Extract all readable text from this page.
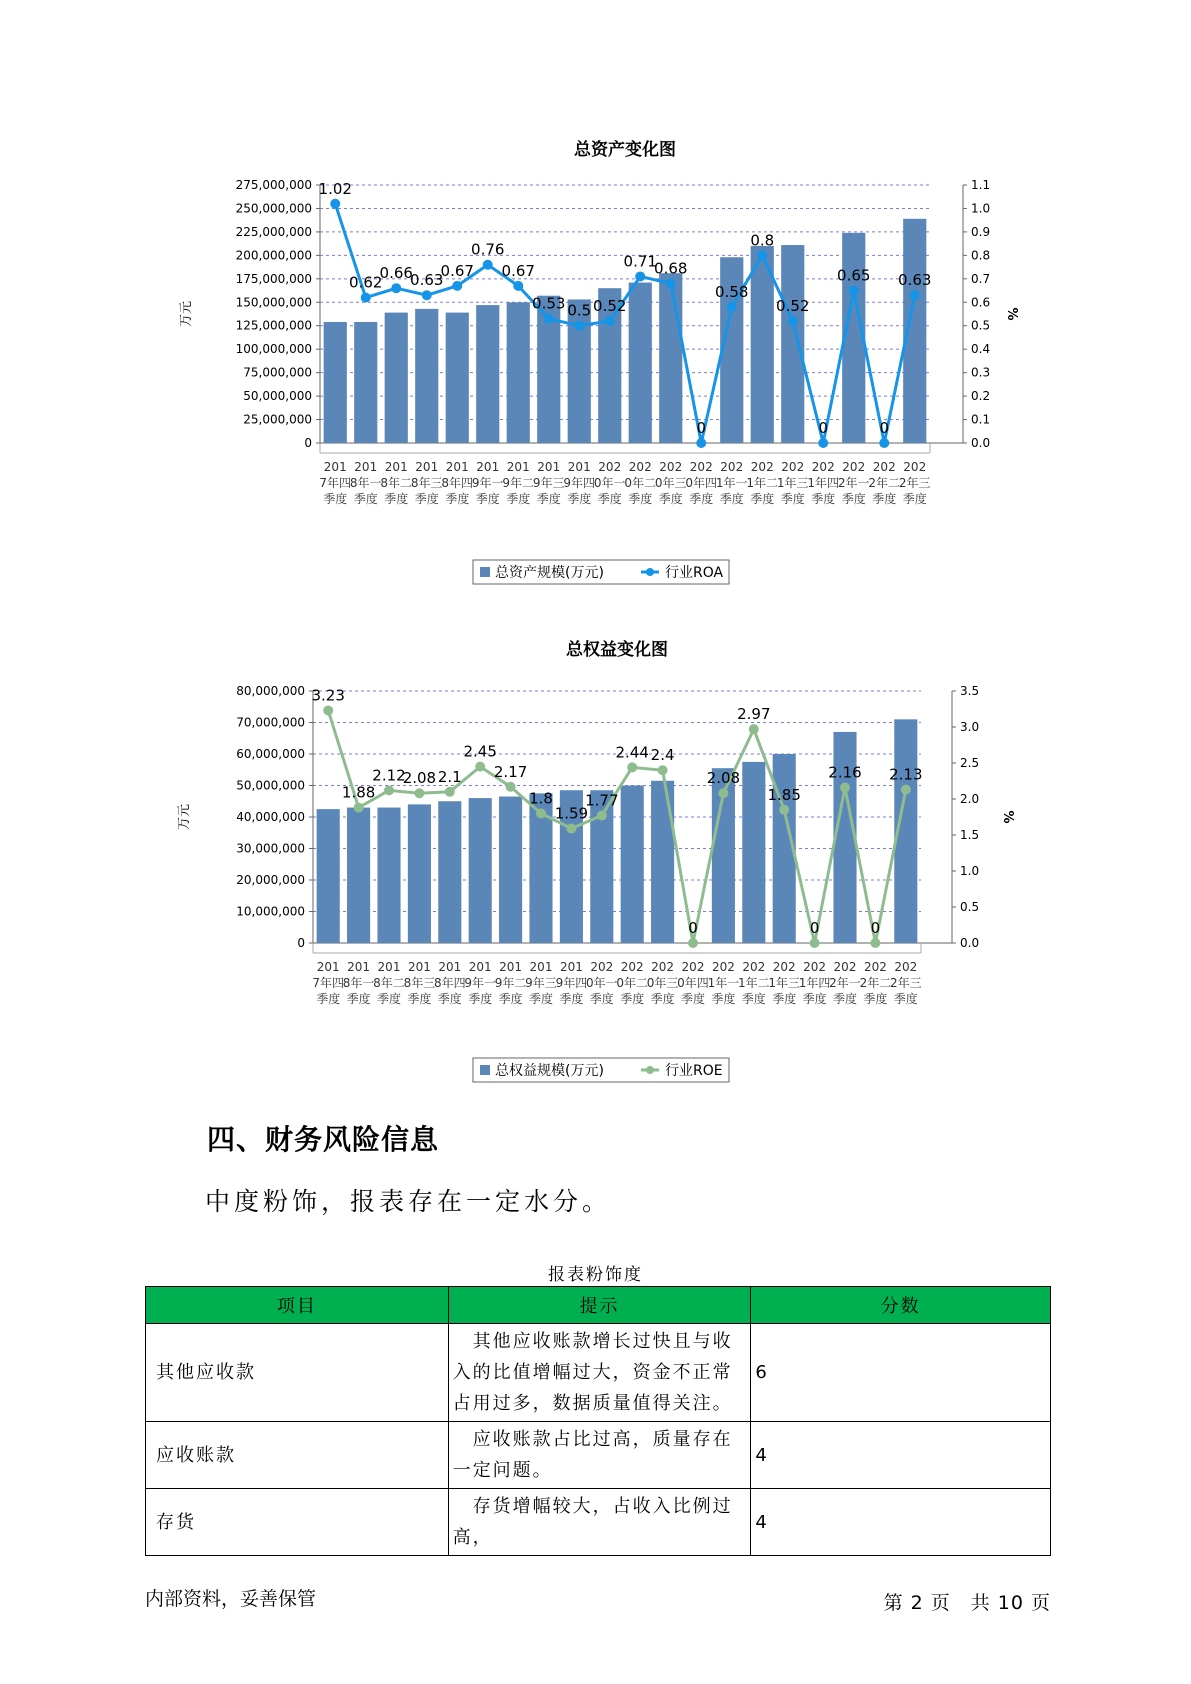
总资产变化图
0
25,000,000
50,000,000
75,000,000
100,000,000
125,000,000
150,000,000
175,000,000
200,000,000
225,000,000
250,000,000
275,000,000
0.0
0.1
0.2
0.3
0.4
0.5
0.6
0.7
0.8
0.9
1.0
1.1
万元	%
201 7年四季度
201 8年一季度
201 8年二季度
201 8年三季度
201 8年四季度
201 9年一季度
201 9年二季度
201 9年三季度
201 9年四季度
202 0年一季度
202 0年二季度
202 0年三季度
202 0年四季度
202 1年一季度
202 1年二季度
202 1年三季度
202 1年四季度
202 2年一季度
202 2年二季度
202 2年三季度
1.02
0.62
0.66
0.63
0.67
0.76
0.67
0.53 0.5 0.52
0.71
0.68
0
0.58
0.8
0.52
0
0.65
0
0.63
总资产规模(万元)	行业ROA
总权益变化图
0
10,000,000
20,000,000
30,000,000
40,000,000
50,000,000
60,000,000
70,000,000
80,000,000
0.0
0.5
1.0
1.5
2.0
2.5
3.0
3.5
万元	%
201 7年四季度
201 8年一季度
201 8年二季度
201 8年三季度
201 8年四季度
201 9年一季度
201 9年二季度
201 9年三季度
201 9年四季度
202 0年一季度
202 0年二季度
202 0年三季度
202 0年四季度
202 1年一季度
202 1年二季度
202 1年三季度
202 1年四季度
202 2年一季度
202 2年二季度
202 2年三季度
3.23
1.88
2.12
2.08 2.1
2.45
2.17
1.8
1.59
1.77
2.44 2.4
0
2.08
2.97
1.85
0
2.16
0
2.13
总权益规模(万元)	行业ROE
四、财务风险信息
中度粉饰，报表存在一定水分。
报表粉饰度
项目	提示	分数
其他应收款	　其他应收账款增长过快且与收入的比值增幅过大，资金不正常占用过多，数据质量值得关注。	6
应收账款	　应收账款占比过高，质量存在一定问题。	4
存货	　存货增幅较大，占收入比例过高，	4
内部资料，妥善保管	第 2 页　共 10 页
